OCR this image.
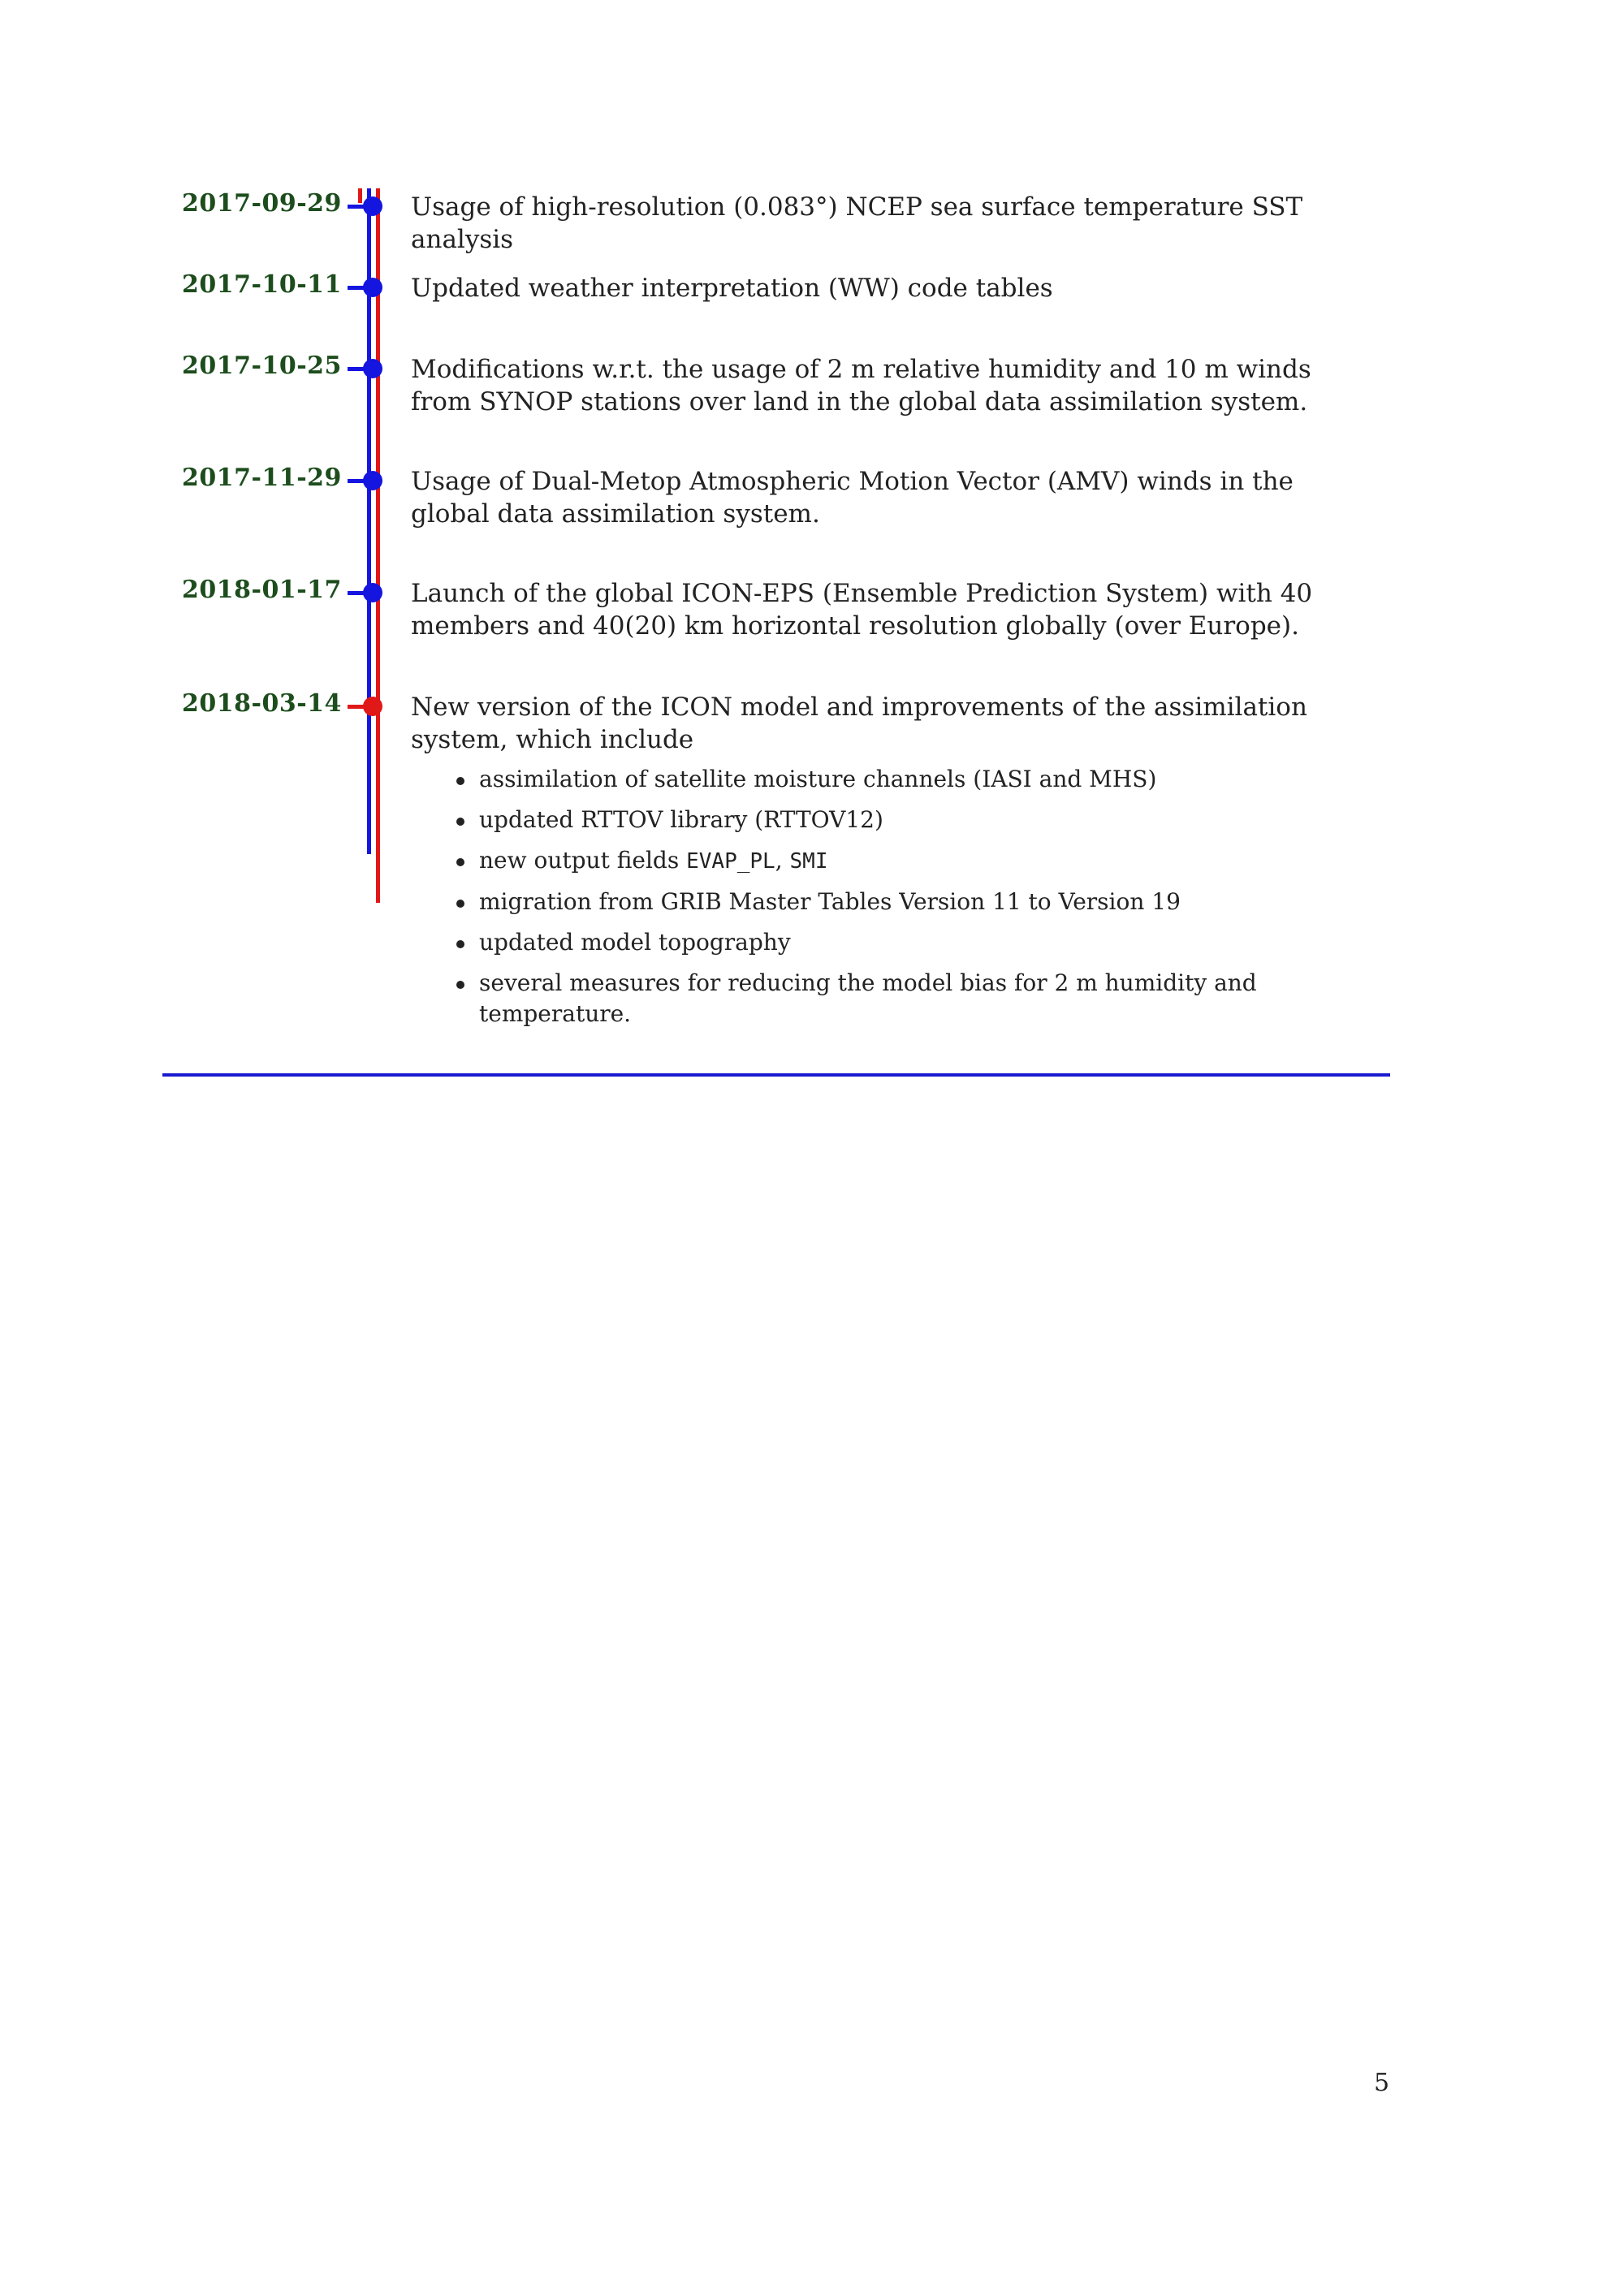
2017-09-29	Usage of high-resolution (0.083°) NCEP sea surface temperature SST analysis
2017-10-11	Updated weather interpretation (WW) code tables
2017-10-25	Modifications w.r.t. the usage of 2 m relative humidity and 10 m winds from SYNOP stations over land in the global data assimilation system.
2017-11-29	Usage of Dual-Metop Atmospheric Motion Vector (AMV) winds in the global data assimilation system.
2018-01-17	Launch of the global ICON-EPS (Ensemble Prediction System) with 40 members and 40(20) km horizontal resolution globally (over Europe).
2018-03-14	New version of the ICON model and improvements of the assimilation system, which include
assimilation of satellite moisture channels (IASI and MHS)
updated RTTOV library (RTTOV12)
new output fields EVAP_PL, SMI
migration from GRIB Master Tables Version 11 to Version 19
updated model topography
several measures for reducing the model bias for 2 m humidity and temperature.
5
